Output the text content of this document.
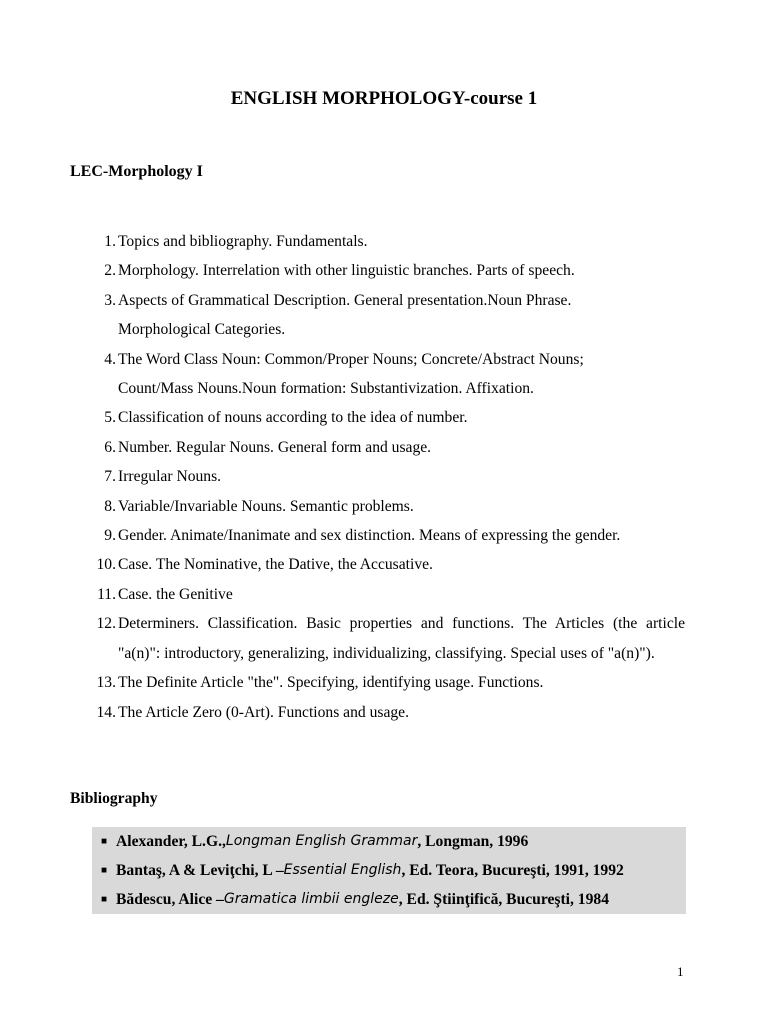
ENGLISH MORPHOLOGY-course 1
LEC-Morphology I
1. Topics and bibliography. Fundamentals.
2. Morphology. Interrelation with other linguistic branches. Parts of speech.
3. Aspects of Grammatical Description. General presentation.Noun Phrase. Morphological Categories.
4. The Word Class Noun: Common/Proper Nouns; Concrete/Abstract Nouns; Count/Mass Nouns.Noun formation: Substantivization. Affixation.
5. Classification of nouns according to the idea of number.
6. Number. Regular Nouns. General form and usage.
7. Irregular Nouns.
8. Variable/Invariable Nouns. Semantic problems.
9. Gender. Animate/Inanimate and sex distinction. Means of expressing the gender.
10. Case. The Nominative, the Dative, the Accusative.
11. Case. the Genitive
12. Determiners. Classification. Basic properties and functions. The Articles (the article "a(n)": introductory, generalizing, individualizing, classifying. Special uses of "a(n)").
13. The Definite Article "the". Specifying, identifying usage. Functions.
14. The Article Zero (0-Art). Functions and usage.
Bibliography
■ Alexander, L.G., Longman English Grammar , Longman, 1996
■ Bantaş, A & Leviţchi, L – Essential English , Ed. Teora, Bucureşti, 1991, 1992
■ Bădescu, Alice – Gramatica limbii engleze , Ed. Ştiinţifică, Bucureşti, 1984
1
